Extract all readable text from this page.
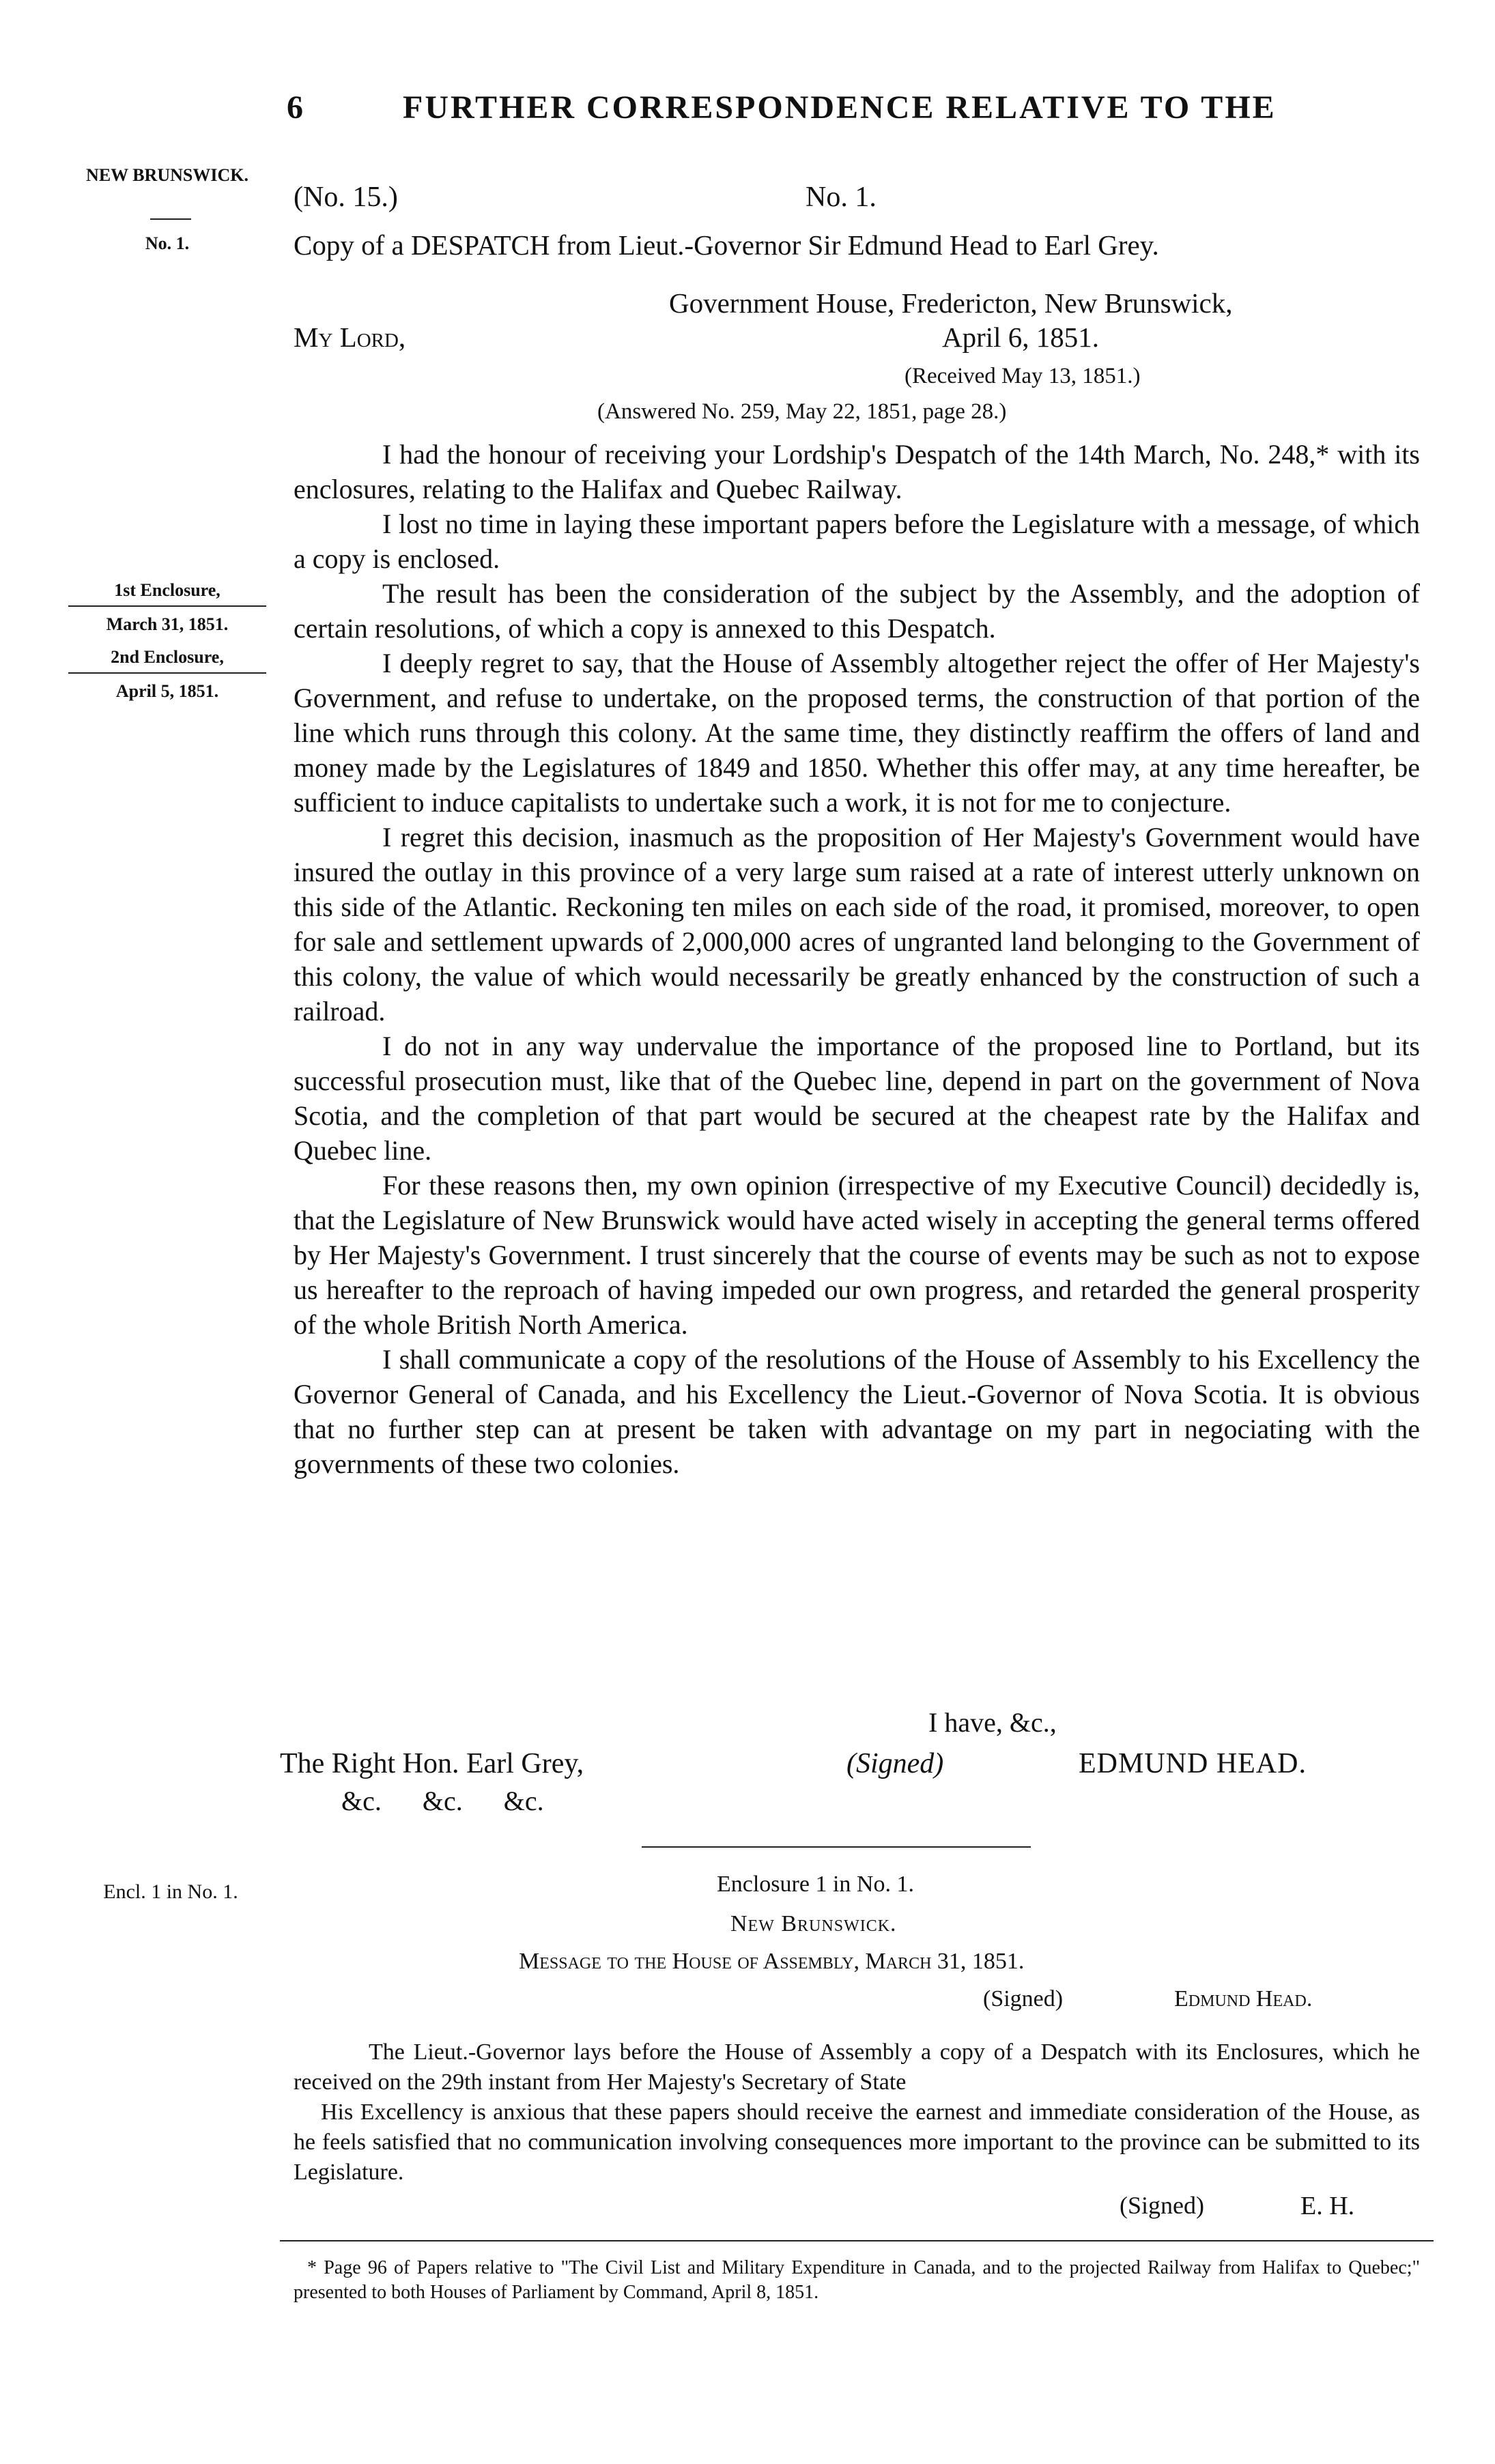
6	FURTHER CORRESPONDENCE RELATIVE TO THE
NEW BRUNSWICK.
No. 1.
1st Enclosure,
March 31, 1851.
2nd Enclosure,
April 5, 1851.
Encl. 1 in No. 1.
(No. 15.)	No. 1.
Copy of a DESPATCH from Lieut.-Governor Sir Edmund Head to Earl Grey.
Government House, Fredericton, New Brunswick,
My Lord,	April 6, 1851.
(Received May 13, 1851.)
(Answered No. 259, May 22, 1851, page 28.)

I had the honour of receiving your Lordship's Despatch of the 14th March, No. 248,* with its enclosures, relating to the Halifax and Quebec Railway.

I lost no time in laying these important papers before the Legislature with a message, of which a copy is enclosed.

The result has been the consideration of the subject by the Assembly, and the adoption of certain resolutions, of which a copy is annexed to this Despatch.

I deeply regret to say, that the House of Assembly altogether reject the offer of Her Majesty's Government, and refuse to undertake, on the proposed terms, the construction of that portion of the line which runs through this colony. At the same time, they distinctly reaffirm the offers of land and money made by the Legislatures of 1849 and 1850. Whether this offer may, at any time hereafter, be sufficient to induce capitalists to undertake such a work, it is not for me to conjecture.

I regret this decision, inasmuch as the proposition of Her Majesty's Government would have insured the outlay in this province of a very large sum raised at a rate of interest utterly unknown on this side of the Atlantic. Reckoning ten miles on each side of the road, it promised, moreover, to open for sale and settlement upwards of 2,000,000 acres of ungranted land belonging to the Government of this colony, the value of which would necessarily be greatly enhanced by the construction of such a railroad.

I do not in any way undervalue the importance of the proposed line to Portland, but its successful prosecution must, like that of the Quebec line, depend in part on the government of Nova Scotia, and the completion of that part would be secured at the cheapest rate by the Halifax and Quebec line.

For these reasons then, my own opinion (irrespective of my Executive Council) decidedly is, that the Legislature of New Brunswick would have acted wisely in accepting the general terms offered by Her Majesty's Government. I trust sincerely that the course of events may be such as not to expose us hereafter to the reproach of having impeded our own progress, and retarded the general prosperity of the whole British North America.

I shall communicate a copy of the resolutions of the House of Assembly to his Excellency the Governor General of Canada, and his Excellency the Lieut.-Governor of Nova Scotia. It is obvious that no further step can at present be taken with advantage on my part in negociating with the governments of these two colonies.

I have, &c.,
The Right Hon. Earl Grey,	(Signed)	EDMUND HEAD.
&c.      &c.      &c.
Enclosure 1 in No. 1.
New Brunswick.
Message to the House of Assembly, March 31, 1851.
(Signed)	Edmund Head.

The Lieut.-Governor lays before the House of Assembly a copy of a Despatch with its Enclosures, which he received on the 29th instant from Her Majesty's Secretary of State

His Excellency is anxious that these papers should receive the earnest and immediate consideration of the House, as he feels satisfied that no communication involving consequences more important to the province can be submitted to its Legislature.

(Signed)	E. H.
* Page 96 of Papers relative to "The Civil List and Military Expenditure in Canada, and to the projected Railway from Halifax to Quebec;" presented to both Houses of Parliament by Command, April 8, 1851.
